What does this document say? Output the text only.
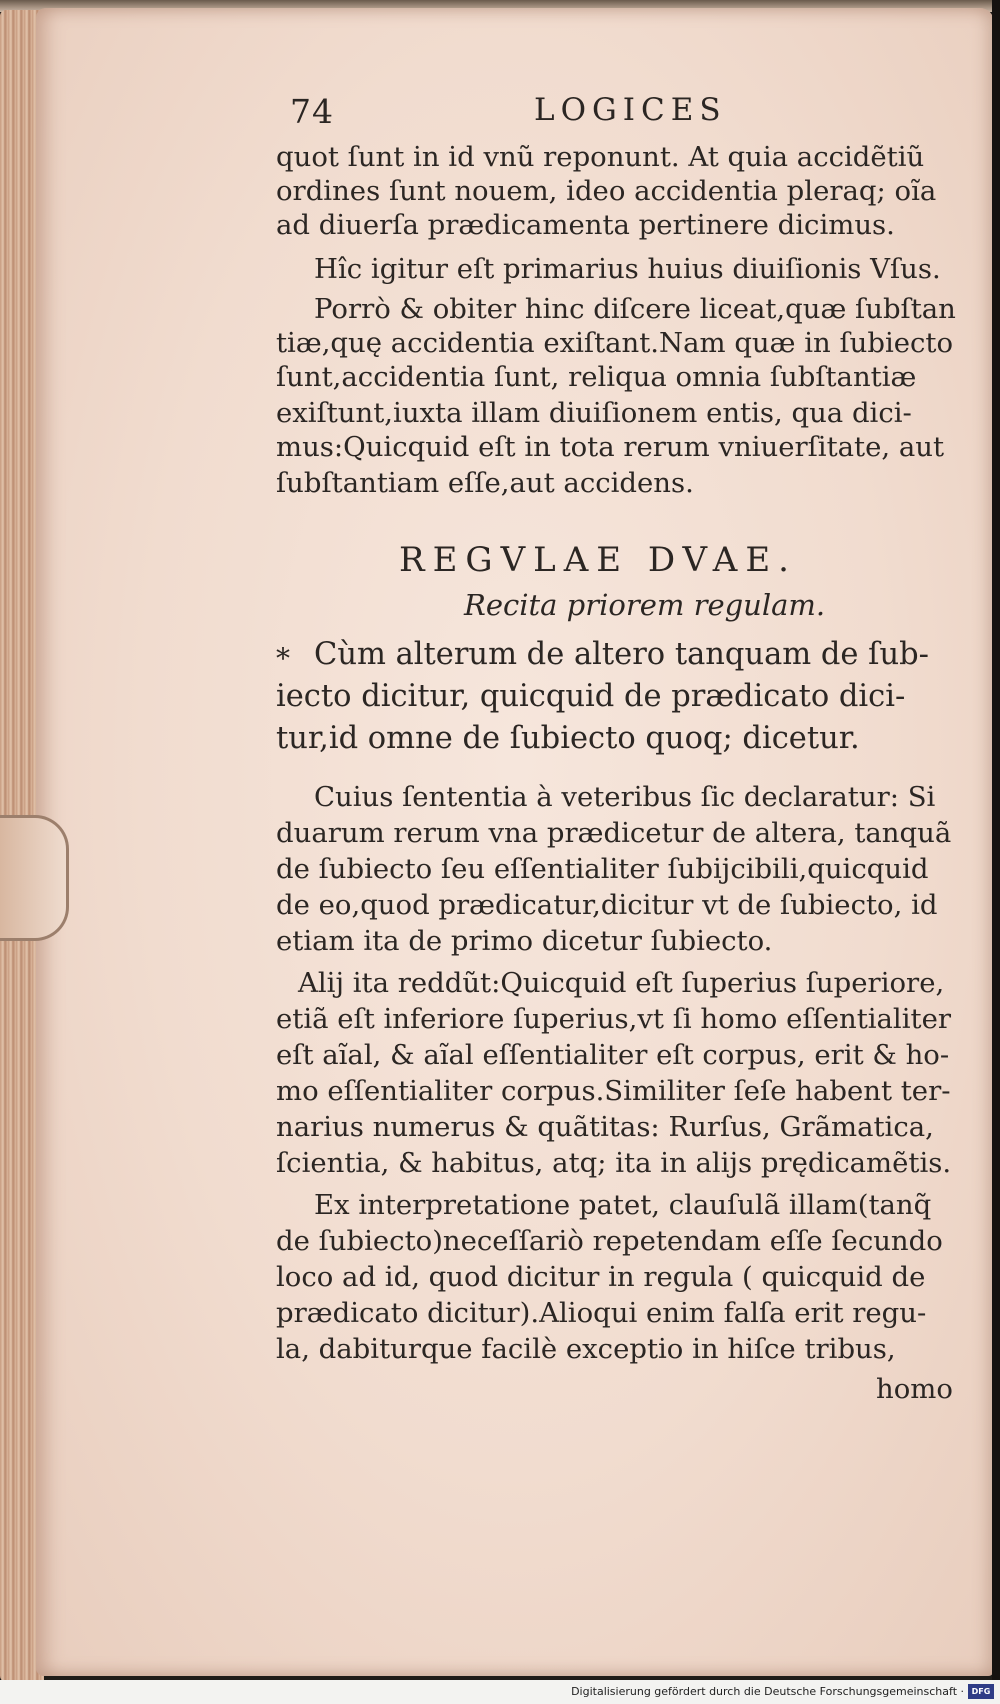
74	LOGICES
quot ſunt in id vnũ reponunt. At quia accidẽtiũ
ordines ſunt nouem, ideo accidentia pleraq; oĩa
ad diuerſa prædicamenta pertinere dicimus.
Hîc igitur eſt primarius huius diuiſionis Vſus.
Porrò & obiter hinc diſcere liceat,quæ ſubſtan
tiæ,quę accidentia exiſtant.Nam quæ in ſubiecto
ſunt,accidentia ſunt, reliqua omnia ſubſtantiæ
exiſtunt,iuxta illam diuiſionem entis, qua dici-
mus:Quicquid eſt in tota rerum vniuerſitate, aut
ſubſtantiam eſſe,aut accidens.
Cùm alterum de altero tanquam de ſub-
iecto dicitur, quicquid de prædicato dici-
tur,id omne de ſubiecto quoq; dicetur.
Cuius ſententia à veteribus ſic declaratur: Si
duarum rerum vna prædicetur de altera, tanquã
de ſubiecto ſeu eſſentialiter ſubijcibili,quicquid
de eo,quod prædicatur,dicitur vt de ſubiecto, id
etiam ita de primo dicetur ſubiecto.
Alij ita reddũt:Quicquid eſt ſuperius ſuperiore,
etiã eſt inferiore ſuperius,vt ſi homo eſſentialiter
eſt aĩal, & aĩal eſſentialiter eſt corpus, erit & ho-
mo eſſentialiter corpus.Similiter ſeſe habent ter-
narius numerus & quãtitas: Rurſus, Grãmatica,
ſcientia, & habitus, atq; ita in alijs prędicamẽtis.
Ex interpretatione patet, clauſulã illam(tanq̃
de ſubiecto)neceſſariò repetendam eſſe ſecundo
loco ad id, quod dicitur in regula ( quicquid de
prædicato dicitur).Alioqui enim falſa erit regu-
la, dabiturque facilè exceptio in hiſce tribus,
homo
REGVLAE DVAE.
Recita priorem regulam.
*
Digitalisierung gefördert durch die Deutsche Forschungsgemeinschaft · DFG
